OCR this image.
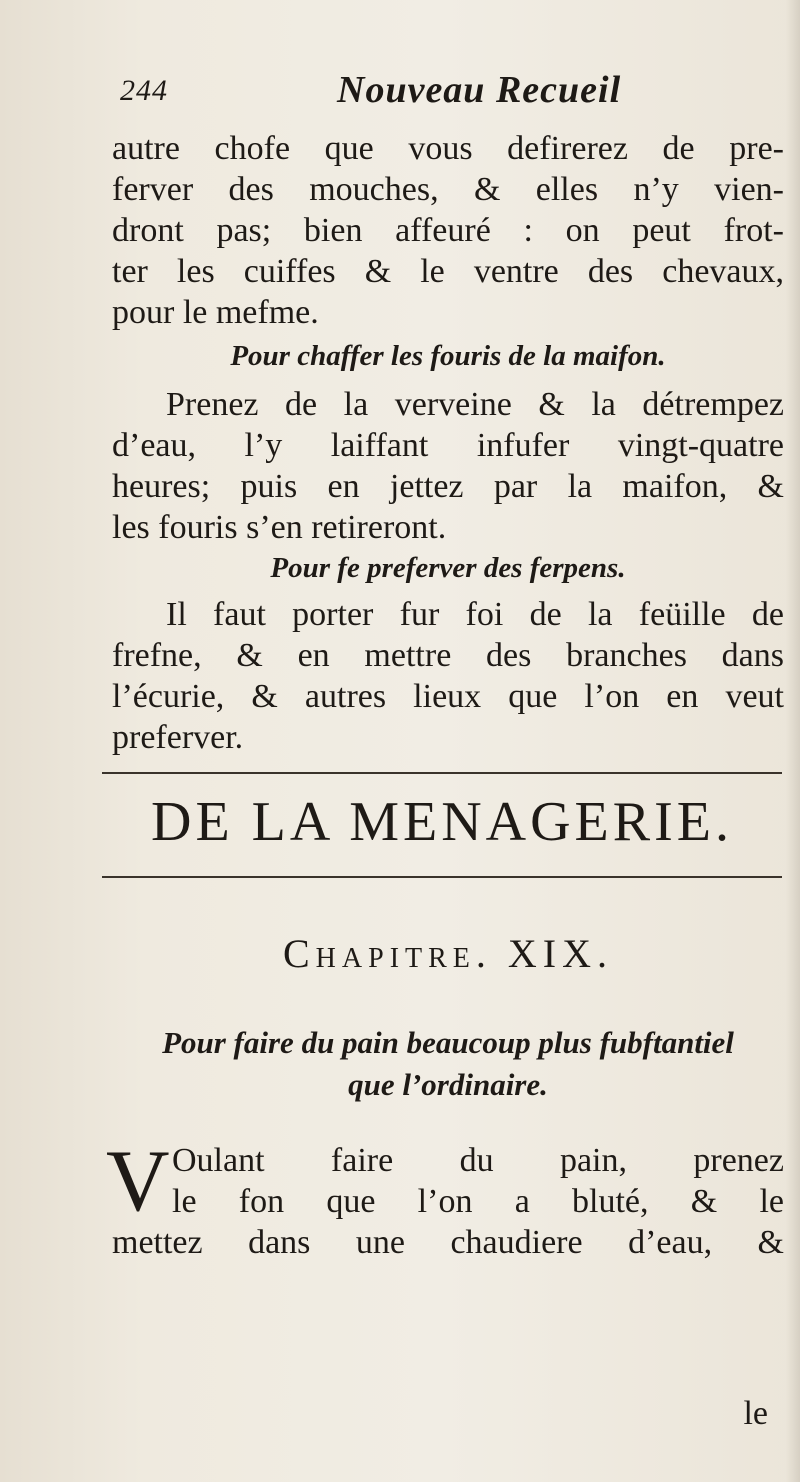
244	Nouveau Recueil
autre chofe que vous defirerez de pre-
ferver des mouches, & elles n’y vien-
dront pas; bien affeuré : on peut frot-
ter les cuiffes & le ventre des chevaux,
pour le mefme.
Pour chaffer les fouris de la maifon.
Prenez de la verveine & la détrempez
d’eau, l’y laiffant infufer vingt-quatre
heures; puis en jettez par la maifon, &
les fouris s’en retireront.
Pour fe preferver des ferpens.
Il faut porter fur foi de la feüille de
frefne, & en mettre des branches dans
l’écurie, & autres lieux que l’on en veut
preferver.
DE LA MENAGERIE.
Chapitre. XIX.
Pour faire du pain beaucoup plus fubftantiel
que l’ordinaire.
V Oulant faire du pain, prenez
le fon que l’on a bluté, & le
mettez dans une chaudiere d’eau, &
le
